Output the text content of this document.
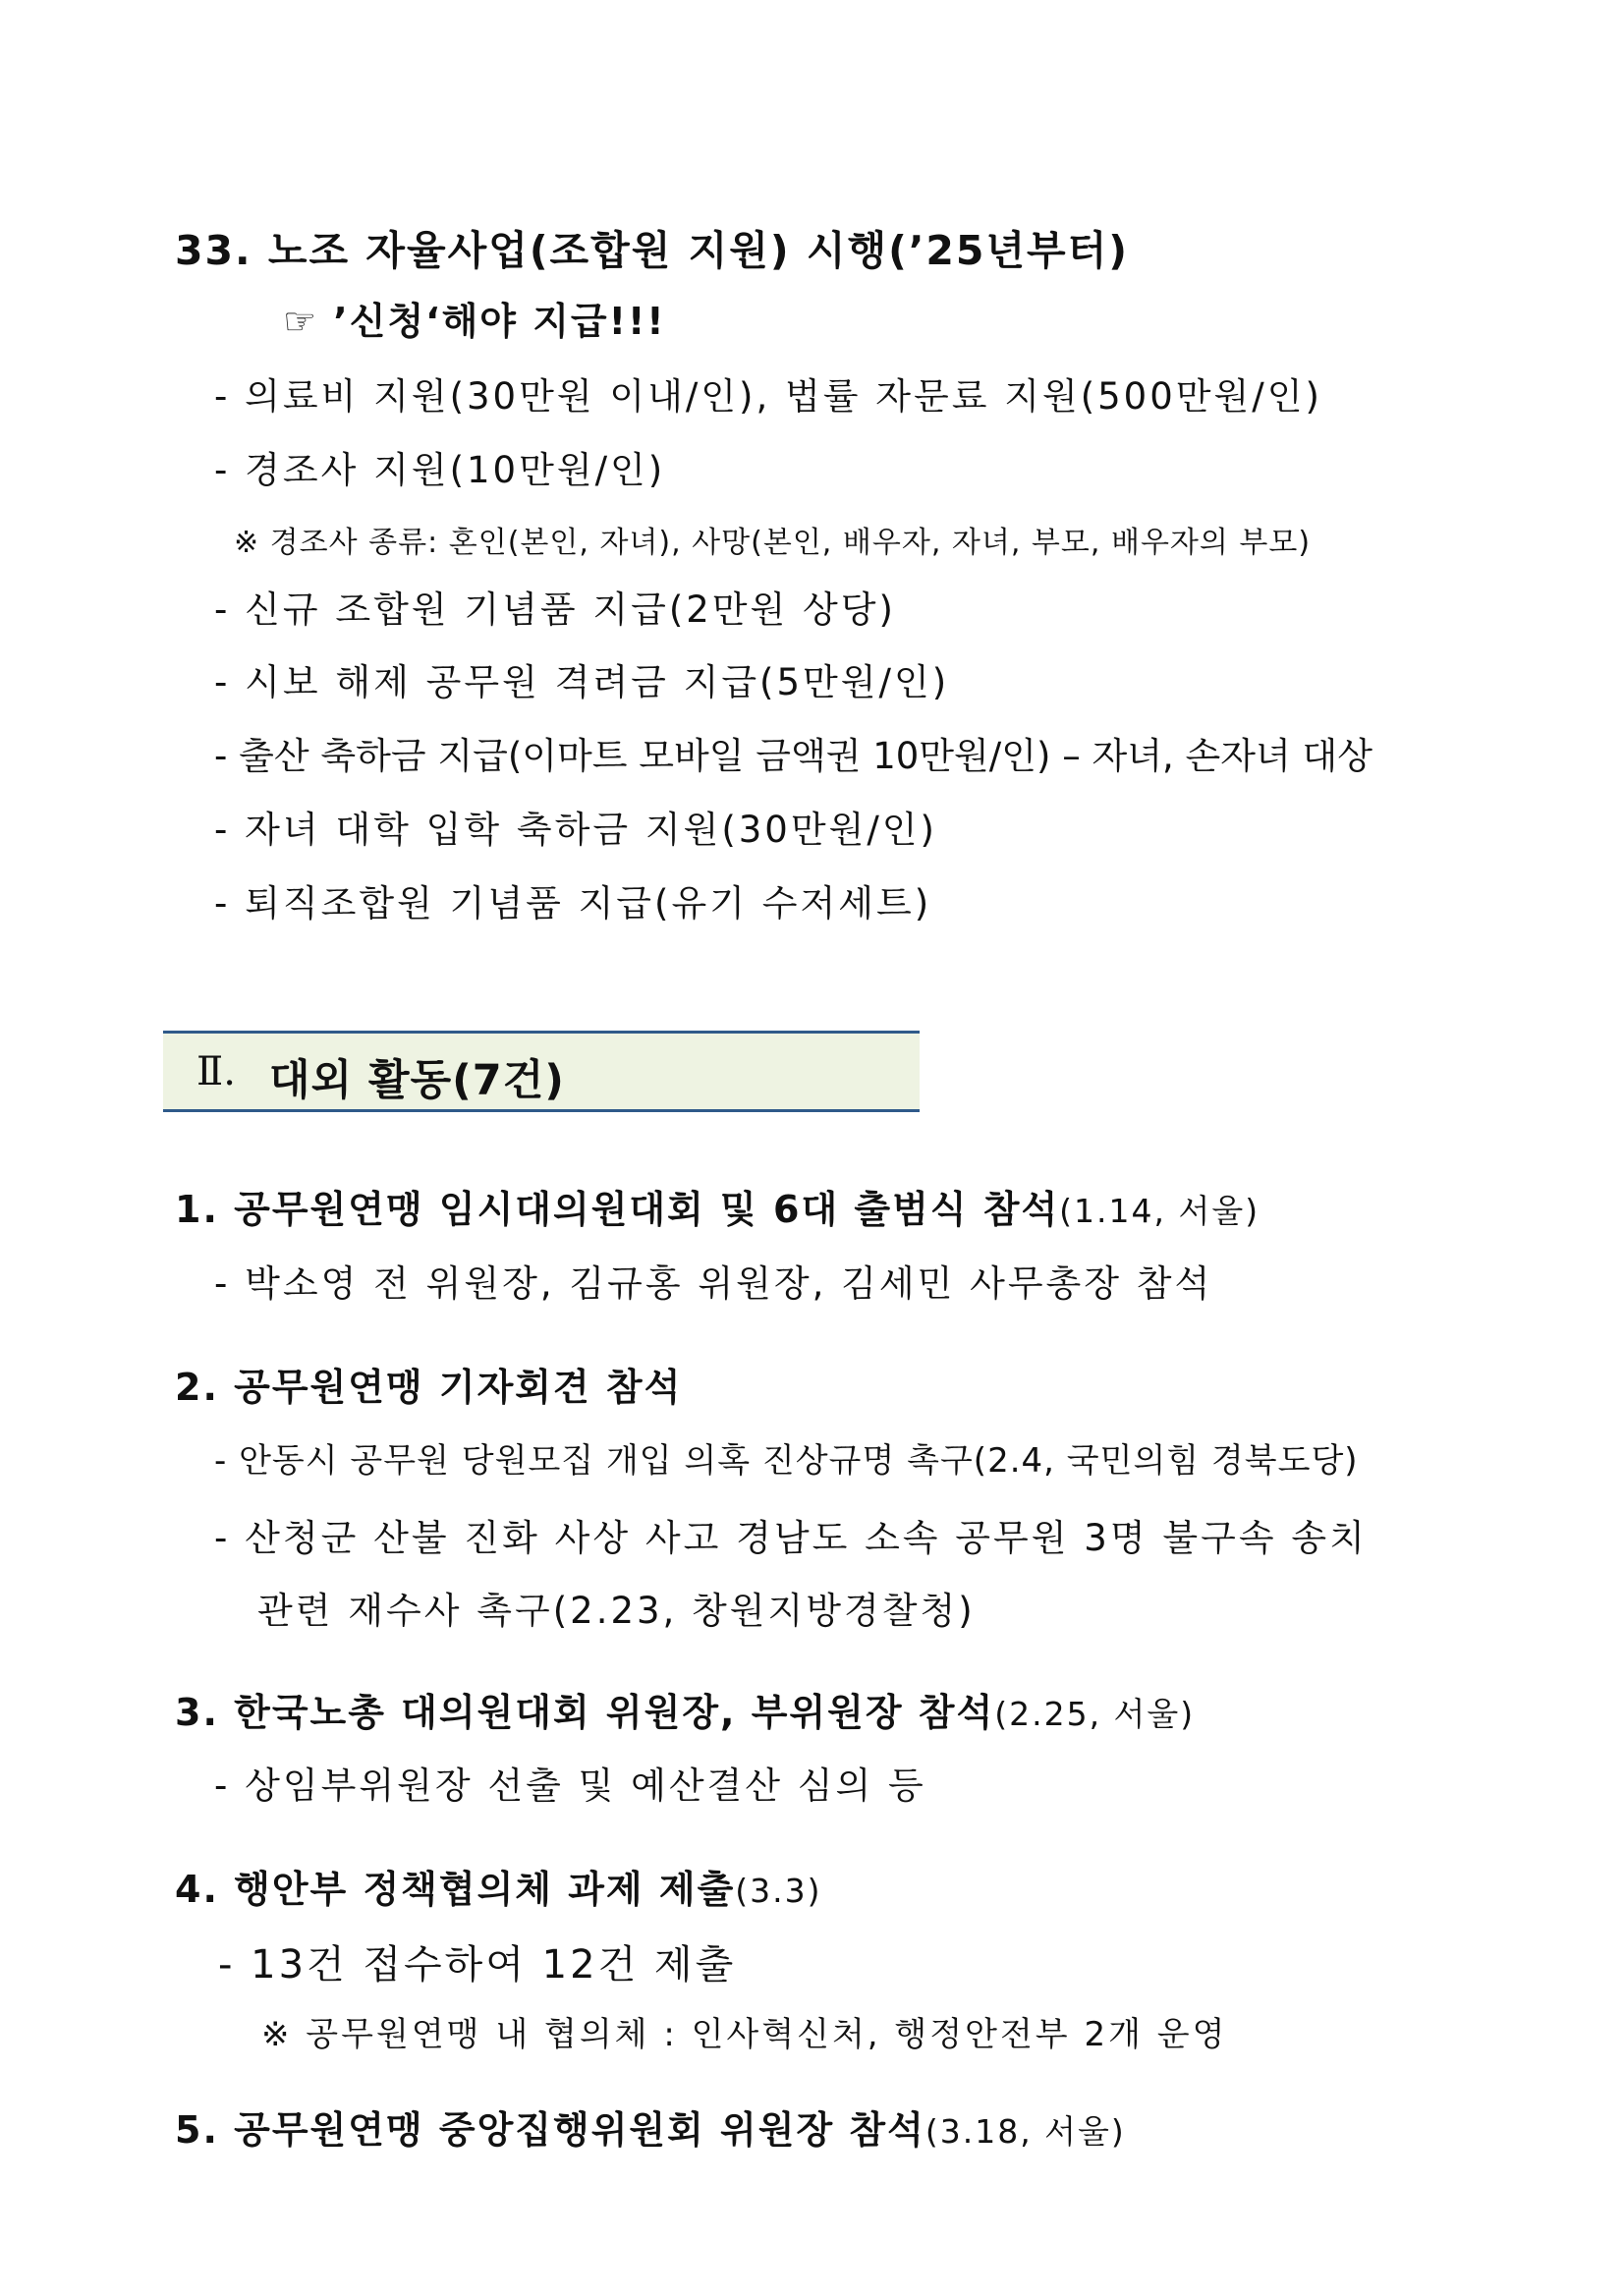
33. 노조 자율사업(조합원 지원) 시행(’25년부터)

☞ ’신청‘해야 지급!!!

- 의료비 지원(30만원 이내/인), 법률 자문료 지원(500만원/인)

- 경조사 지원(10만원/인)

※ 경조사 종류: 혼인(본인, 자녀), 사망(본인, 배우자, 자녀, 부모, 배우자의 부모)

- 신규 조합원 기념품 지급(2만원 상당)

- 시보 해제 공무원 격려금 지급(5만원/인)

- 출산 축하금 지급(이마트 모바일 금액권 10만원/인) – 자녀, 손자녀 대상

- 자녀 대학 입학 축하금 지원(30만원/인)

- 퇴직조합원 기념품 지급(유기 수저세트)

Ⅱ. 대외 활동(7건)

1. 공무원연맹 임시대의원대회 및 6대 출범식 참석(1.14, 서울)

- 박소영 전 위원장, 김규홍 위원장, 김세민 사무총장 참석

2. 공무원연맹 기자회견 참석

- 안동시 공무원 당원모집 개입 의혹 진상규명 촉구(2.4, 국민의힘 경북도당)

- 산청군 산불 진화 사상 사고 경남도 소속 공무원 3명 불구속 송치

관련 재수사 촉구(2.23, 창원지방경찰청)

3. 한국노총 대의원대회 위원장, 부위원장 참석(2.25, 서울)

- 상임부위원장 선출 및 예산결산 심의 등

4. 행안부 정책협의체 과제 제출(3.3)

- 13건 접수하여 12건 제출

※ 공무원연맹 내 협의체 : 인사혁신처, 행정안전부 2개 운영

5. 공무원연맹 중앙집행위원회 위원장 참석(3.18, 서울)
